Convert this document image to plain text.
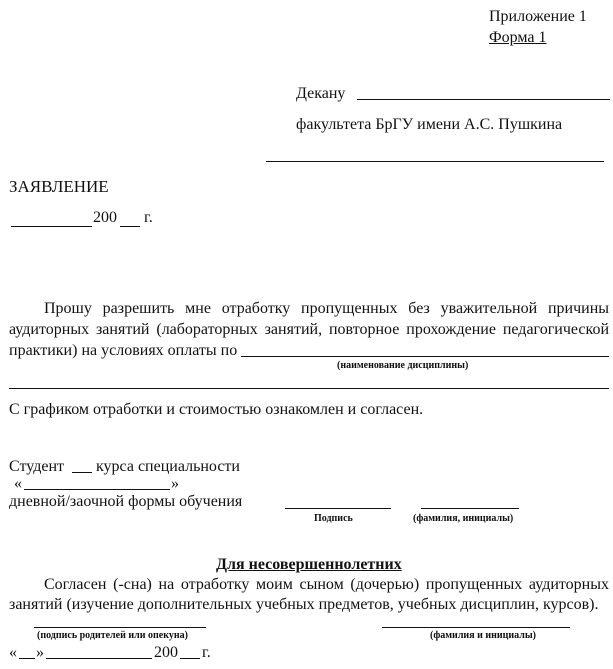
Приложение 1
Форма 1
Декану
факультета БрГУ имени А.С. Пушкина
ЗАЯВЛЕНИЕ
200 г.
Прошу разрешить мне отработку пропущенных без уважительной причины
аудиторных занятий (лабораторных занятий, повторное прохождение педагогической
практики) на условиях оплаты по
(наименование дисциплины)
С графиком отработки и стоимостью ознакомлен и согласен.
Студент курса специальности
«	»
дневной/заочной формы обучения
Подпись	(фамилия, инициалы)
Для несовершеннолетних
Согласен (-сна) на отработку моим сыном (дочерью) пропущенных аудиторных
занятий (изучение дополнительных учебных предметов, учебных дисциплин, курсов).
(подпись родителей или опекуна)	(фамилия и инициалы)
« »	200 г.
